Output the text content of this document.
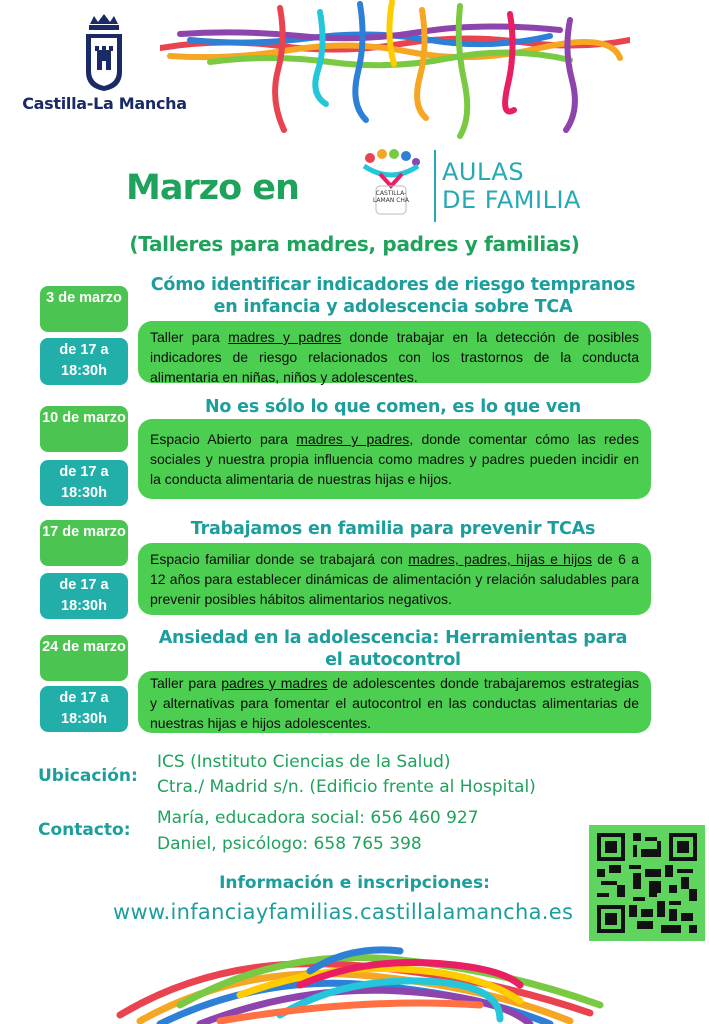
Castilla-La Mancha
Marzo en	CASTILLA-LAMAN CHA
AULAS
DE FAMILIA
(Talleres para madres, padres y familias)
Cómo identificar indicadores de riesgo tempranos en infancia y adolescencia sobre TCA
3 de marzo
de 17 a 18:30h
Taller para madres y padres donde trabajar en la detección de posibles indicadores de riesgo relacionados con los trastornos de la conducta alimentaria en niñas, niños y adolescentes.
No es sólo lo que comen, es lo que ven
10 de marzo
de 17 a 18:30h
Espacio Abierto para madres y padres, donde comentar cómo las redes sociales y nuestra propia influencia como madres y padres pueden incidir en la conducta alimentaria de nuestras hijas e hijos.
Trabajamos en familia para prevenir TCAs
17 de marzo
de 17 a 18:30h
Espacio familiar donde se trabajará con madres, padres, hijas e hijos de 6 a 12 años para establecer dinámicas de alimentación y relación saludables para prevenir posibles hábitos alimentarios negativos.
Ansiedad en la adolescencia: Herramientas para el autocontrol
24 de marzo
de 17 a 18:30h
Taller para padres y madres de adolescentes donde trabajaremos estrategias y alternativas para fomentar el autocontrol en las conductas alimentarias de nuestras hijas e hijos adolescentes.
Ubicación:
ICS (Instituto Ciencias de la Salud)
Ctra./ Madrid s/n. (Edificio frente al Hospital)
Contacto:
María, educadora social: 656 460 927
Daniel, psicólogo: 658 765 398
Información e inscripciones:
www.infanciayfamilias.castillalamancha.es
